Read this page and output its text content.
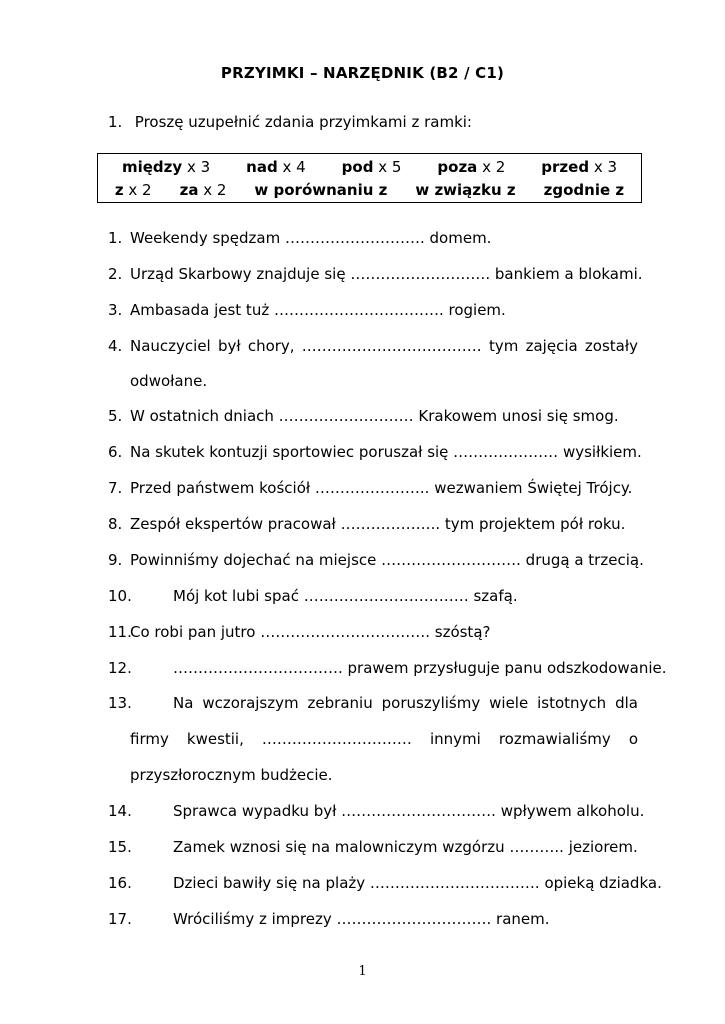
PRZYIMKI – NARZĘDNIK (B2 / C1)
1. Proszę uzupełnić zdania przyimkami z ramki:
między x 3 nad x 4 pod x 5 poza x 2 przed x 3
z x 2 za x 2 w porównaniu z w związku z zgodnie z
1. Weekendy spędzam ………………………. domem.
2. Urząd Skarbowy znajduje się ………………………. bankiem a blokami.
3. Ambasada jest tuż ……………………………. rogiem.
4. Nauczyciel był chory, ……………………………… tym zajęcia zostały
odwołane.
5. W ostatnich dniach ……………………… Krakowem unosi się smog.
6. Na skutek kontuzji sportowiec poruszał się ………………… wysiłkiem.
7. Przed państwem kościół ………………….. wezwaniem Świętej Trójcy.
8. Zespół ekspertów pracował ……………….. tym projektem pół roku.
9. Powinniśmy dojechać na miejsce ………………………. drugą a trzecią.
10.	Mój kot lubi spać …………………………… szafą.
11.
Co robi pan jutro ……………………………. szóstą?
12.	……………………………. prawem przysługuje panu odszkodowanie.
13.	Na wczorajszym zebraniu poruszyliśmy wiele istotnych dla
firmy kwestii, ………………………… innymi rozmawialiśmy o
przyszłorocznym budżecie.
14.	Sprawca wypadku był …………………………. wpływem alkoholu.
15.	Zamek wznosi się na malowniczym wzgórzu ……….. jeziorem.
16.	Dzieci bawiły się na plaży ……………………………. opieką dziadka.
17.	Wróciliśmy z imprezy …………………………. ranem.
1
